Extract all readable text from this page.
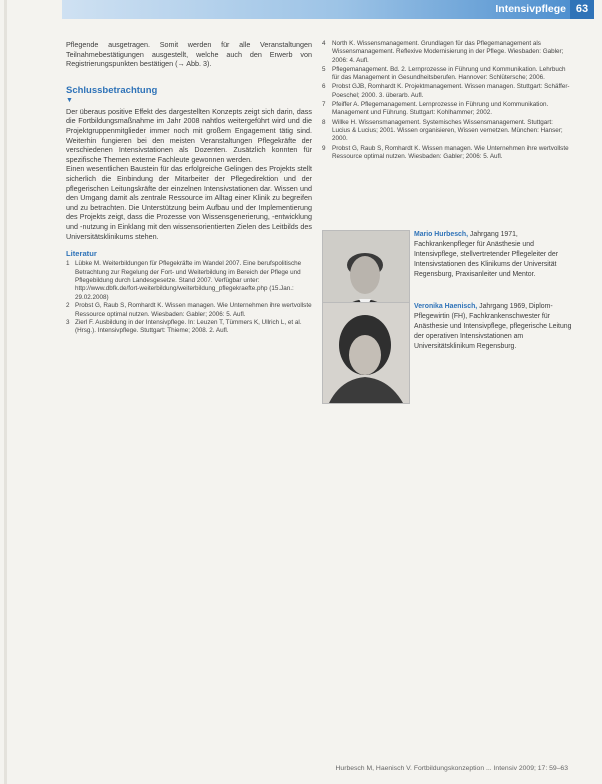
Intensivpflege 63

Pflegende ausgetragen. Somit werden für alle Veranstaltungen Teilnahmebestätigungen ausgestellt, welche auch den Erwerb von Registrierungspunkten bestätigen (→ Abb. 3).

Schlussbetrachtung
▼

Der überaus positive Effekt des dargestellten Konzepts zeigt sich darin, dass die Fortbildungsmaßnahme im Jahr 2008 nahtlos weitergeführt wird und die Projektgruppenmitglieder immer noch mit großem Engagement tätig sind. Weiterhin fungieren bei den meisten Veranstaltungen Pflegekräfte der verschiedenen Intensivstationen als Dozenten. Zusätzlich konnten für spezifische Themen externe Fachleute gewonnen werden.

Einen wesentlichen Baustein für das erfolgreiche Gelingen des Projekts stellt sicherlich die Einbindung der Mitarbeiter der Pflegedirektion und der pflegerischen Leitungskräfte der einzelnen Intensivstationen dar. Wissen und den Umgang damit als zentrale Ressource im Alltag einer Klinik zu begreifen und zu betrachten. Die Unterstützung beim Aufbau und der Implementierung des Projekts zeigt, dass die Prozesse von Wissensgenerierung, -entwicklung und -nutzung in Einklang mit den wissensorientierten Zielen des Leitbilds des Universitätsklinikums stehen.

Literatur
1 Lübke M. Weiterbildungen für Pflegekräfte im Wandel 2007. Eine berufspolitische Betrachtung zur Regelung der Fort- und Weiterbildung im Bereich der Pflege und Pflegebildung durch Landesgesetze. Stand 2007. Verfügbar unter: http://www.dbfk.de/fort-weiterbildung/weiterbildung_pflegekraefte.php (15.Jan.: 29.02.2008)
2 Probst G, Raub S, Romhardt K. Wissen managen. Wie Unternehmen ihre wertvollste Ressource optimal nutzen. Wiesbaden: Gabler; 2006: 5. Aufl.
3 Zierl F. Ausbildung in der Intensivpflege. In: Leuzen T, Tümmers K, Ullrich L, et al. (Hrsg.). Intensivpflege. Stuttgart: Thieme; 2008. 2. Aufl.
4	North K. Wissensmanagement. Grundlagen für das Pflegemanagement als Wissensmanagement. Reflexive Modernisierung in der Pflege. Wiesbaden: Gabler; 2006: 4. Aufl.
5	Pflegemanagement. Bd. 2. Lernprozesse in Führung und Kommunikation. Lehrbuch für das Management in Gesundheitsberufen. Hannover: Schlütersche; 2006.
6	Probst GJB, Romhardt K. Projektmanagement. Wissen managen. Stuttgart: Schäffer-Poeschel; 2000. 3. überarb. Aufl.
7	Pfeiffer A. Pflegemanagement. Lernprozesse in Führung und Kommunikation. Management und Führung. Stuttgart: Kohlhammer; 2002.
8	Willke H. Wissensmanagement. Systemisches Wissensmanagement. Stuttgart: Lucius & Lucius; 2001. Wissen organisieren, Wissen vernetzen. München: Hanser; 2000.
9	Probst G, Raub S, Romhardt K. Wissen managen. Wie Unternehmen ihre wertvollste Ressource optimal nutzen. Wiesbaden: Gabler; 2006: 5. Aufl.
Mario Hurbesch, Jahrgang 1971, Fachkrankenpfleger für Anästhesie und Intensivpflege, stellvertretender Pflegeleiter der Intensivstationen des Klinikums der Universität Regensburg, Praxisanleiter und Mentor.
Veronika Haenisch, Jahrgang 1969, Diplom-Pflegewirtin (FH), Fachkrankenschwester für Anästhesie und Intensivpflege, pflegerische Leitung der operativen Intensivstationen am Universitätsklinikum Regensburg.
Hurbesch M, Haenisch V. Fortbildungskonzeption ... Intensiv 2009; 17: 59–63
